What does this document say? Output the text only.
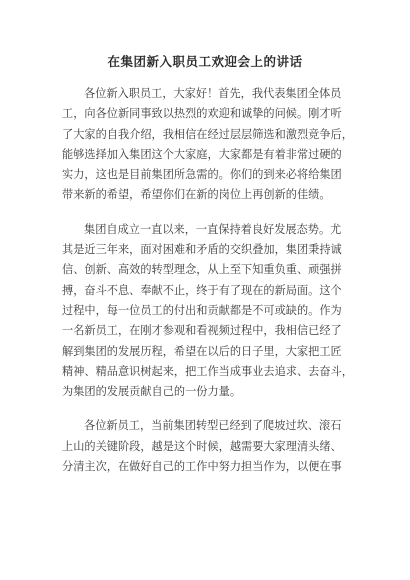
在集团新入职员工欢迎会上的讲话
各位新入职员工，大家好！首先，我代表集团全体员
工，向各位新同事致以热烈的欢迎和诚挚的问候。刚才听
了大家的自我介绍，我相信在经过层层筛选和激烈竞争后，
能够选择加入集团这个大家庭，大家都是有着非常过硬的
实力，这也是目前集团所急需的。你们的到来必将给集团
带来新的希望，希望你们在新的岗位上再创新的佳绩。
集团自成立一直以来，一直保持着良好发展态势。尤
其是近三年来，面对困难和矛盾的交织叠加，集团秉持诚
信、创新、高效的转型理念，从上至下知重负重、顽强拼
搏，奋斗不息、奉献不止，终于有了现在的新局面。这个
过程中，每一位员工的付出和贡献都是不可或缺的。作为
一名新员工，在刚才参观和看视频过程中，我相信已经了
解到集团的发展历程，希望在以后的日子里，大家把工匠
精神、精品意识树起来，把工作当成事业去追求、去奋斗，
为集团的发展贡献自己的一份力量。
各位新员工，当前集团转型已经到了爬坡过坎、滚石
上山的关键阶段，越是这个时候，越需要大家理清头绪、
分清主次，在做好自己的工作中努力担当作为，以便在事
